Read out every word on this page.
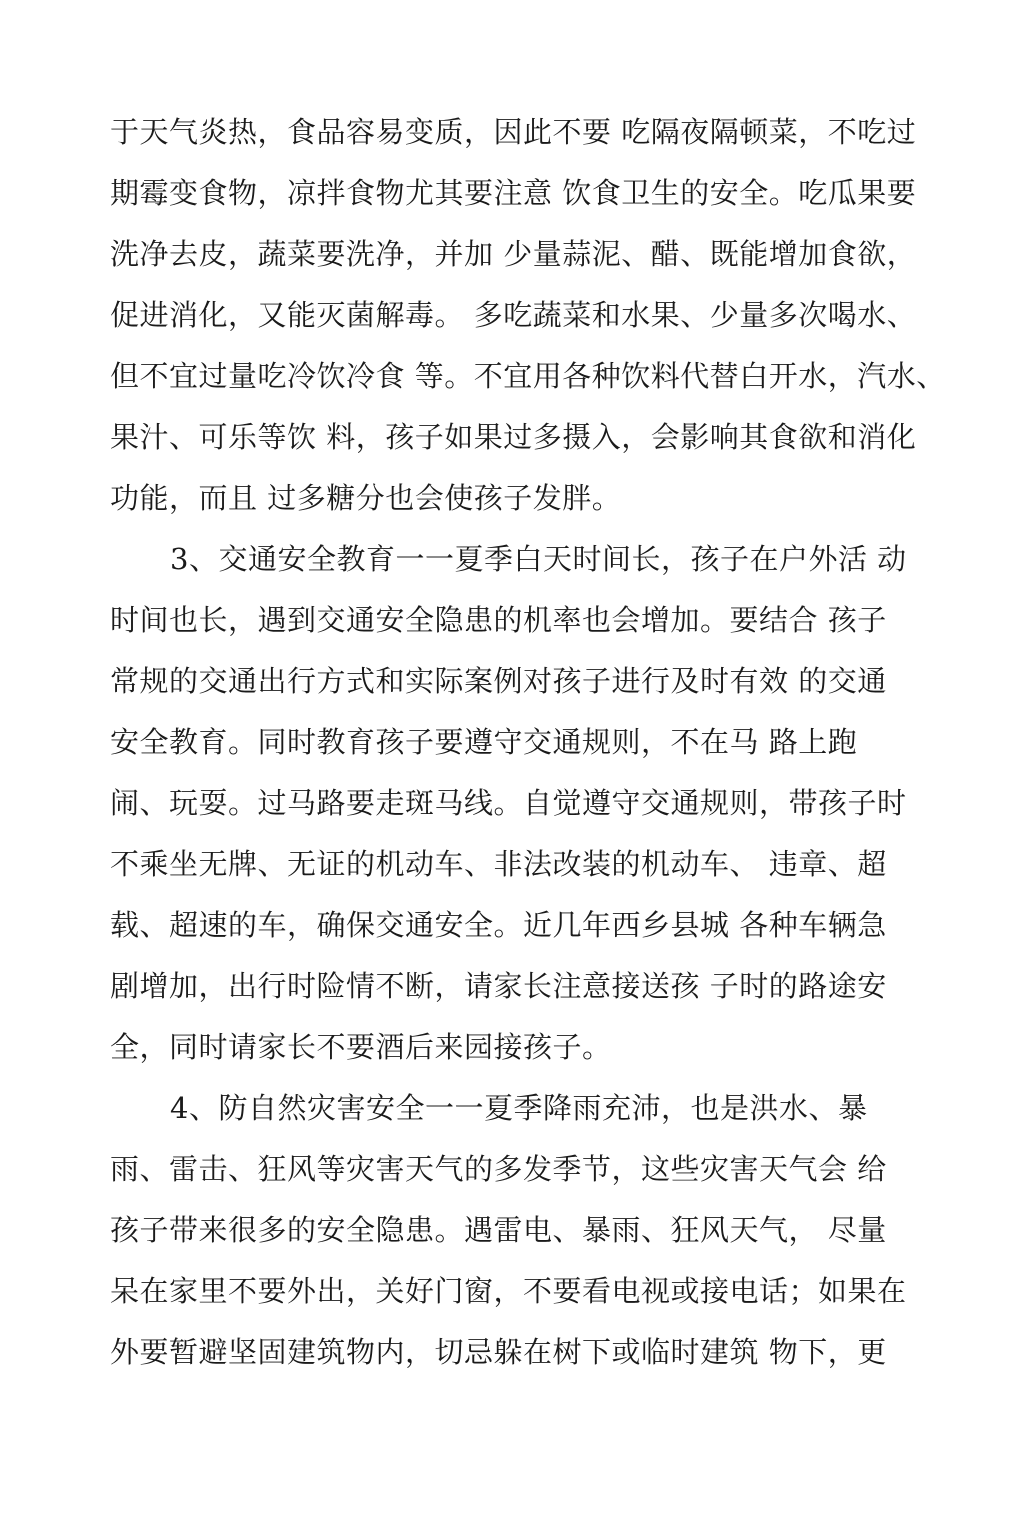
于天气炎热，食品容易变质，因此不要 吃隔夜隔顿菜，不吃过
期霉变食物，凉拌食物尤其要注意 饮食卫生的安全。吃瓜果要
洗净去皮，蔬菜要洗净，并加 少量蒜泥、醋、既能增加食欲，
促进消化，又能灭菌解毒。 多吃蔬菜和水果、少量多次喝水、
但不宜过量吃冷饮冷食 等。不宜用各种饮料代替白开水，汽水、
果汁、可乐等饮 料，孩子如果过多摄入，会影响其食欲和消化
功能，而且 过多糖分也会使孩子发胖。
3、交通安全教育一一夏季白天时间长，孩子在户外活 动
时间也长，遇到交通安全隐患的机率也会增加。要结合 孩子
常规的交通出行方式和实际案例对孩子进行及时有效 的交通
安全教育。同时教育孩子要遵守交通规则，不在马 路上跑
闹、玩耍。过马路要走斑马线。自觉遵守交通规则，带孩子时
不乘坐无牌、无证的机动车、非法改装的机动车、 违章、超
载、超速的车，确保交通安全。近几年西乡县城 各种车辆急
剧增加，出行时险情不断，请家长注意接送孩 子时的路途安
全，同时请家长不要酒后来园接孩子。
4、防自然灾害安全一一夏季降雨充沛，也是洪水、暴
雨、雷击、狂风等灾害天气的多发季节，这些灾害天气会 给
孩子带来很多的安全隐患。遇雷电、暴雨、狂风天气， 尽量
呆在家里不要外出，关好门窗，不要看电视或接电话；如果在
外要暂避坚固建筑物内，切忌躲在树下或临时建筑 物下，更
